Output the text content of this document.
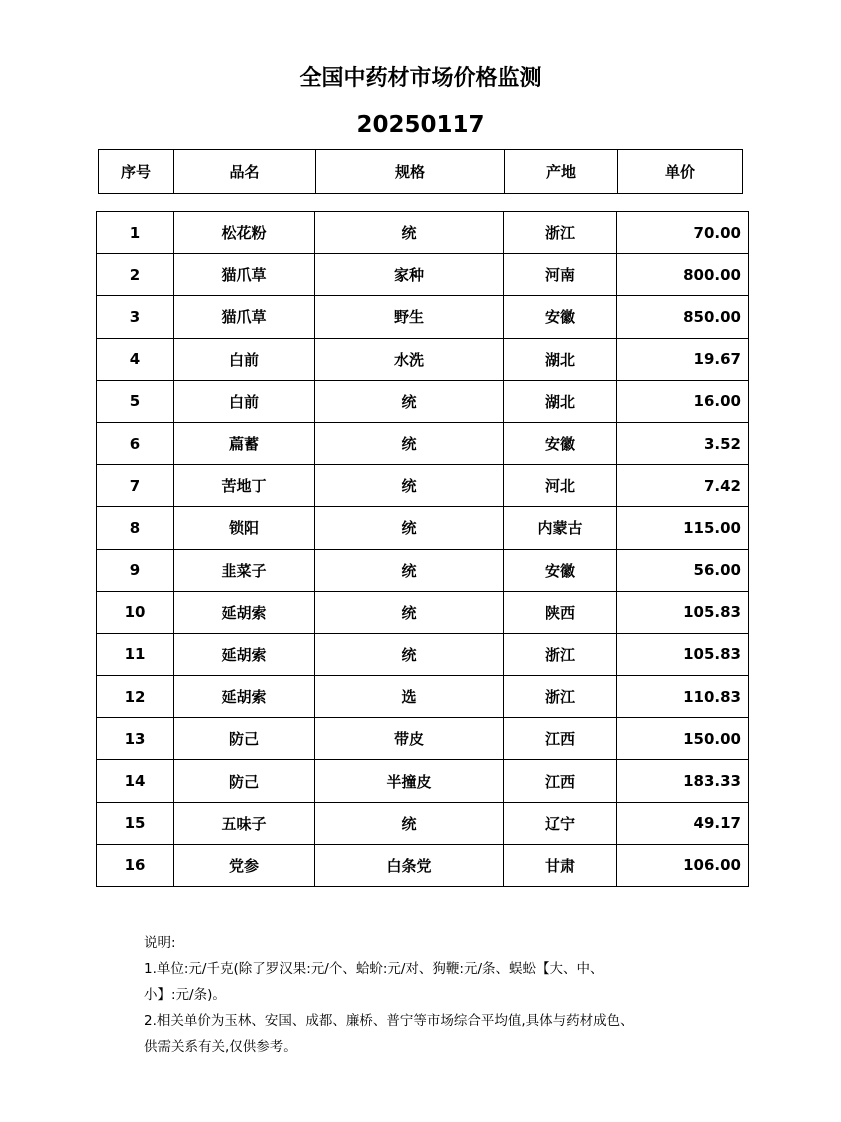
全国中药材市场价格监测
20250117
序号	品名	规格	产地	单价
1	松花粉	统	浙江	70.00
2	猫爪草	家种	河南	800.00
3	猫爪草	野生	安徽	850.00
4	白前	水洗	湖北	19.67
5	白前	统	湖北	16.00
6	萹蓄	统	安徽	3.52
7	苦地丁	统	河北	7.42
8	锁阳	统	内蒙古	115.00
9	韭菜子	统	安徽	56.00
10	延胡索	统	陕西	105.83
11	延胡索	统	浙江	105.83
12	延胡索	选	浙江	110.83
13	防己	带皮	江西	150.00
14	防己	半撞皮	江西	183.33
15	五味子	统	辽宁	49.17
16	党参	白条党	甘肃	106.00
说明:
1.单位:元/千克(除了罗汉果:元/个、蛤蚧:元/对、狗鞭:元/条、蜈蚣【大、中、
小】:元/条)。
2.相关单价为玉林、安国、成都、廉桥、普宁等市场综合平均值,具体与药材成色、
供需关系有关,仅供参考。
